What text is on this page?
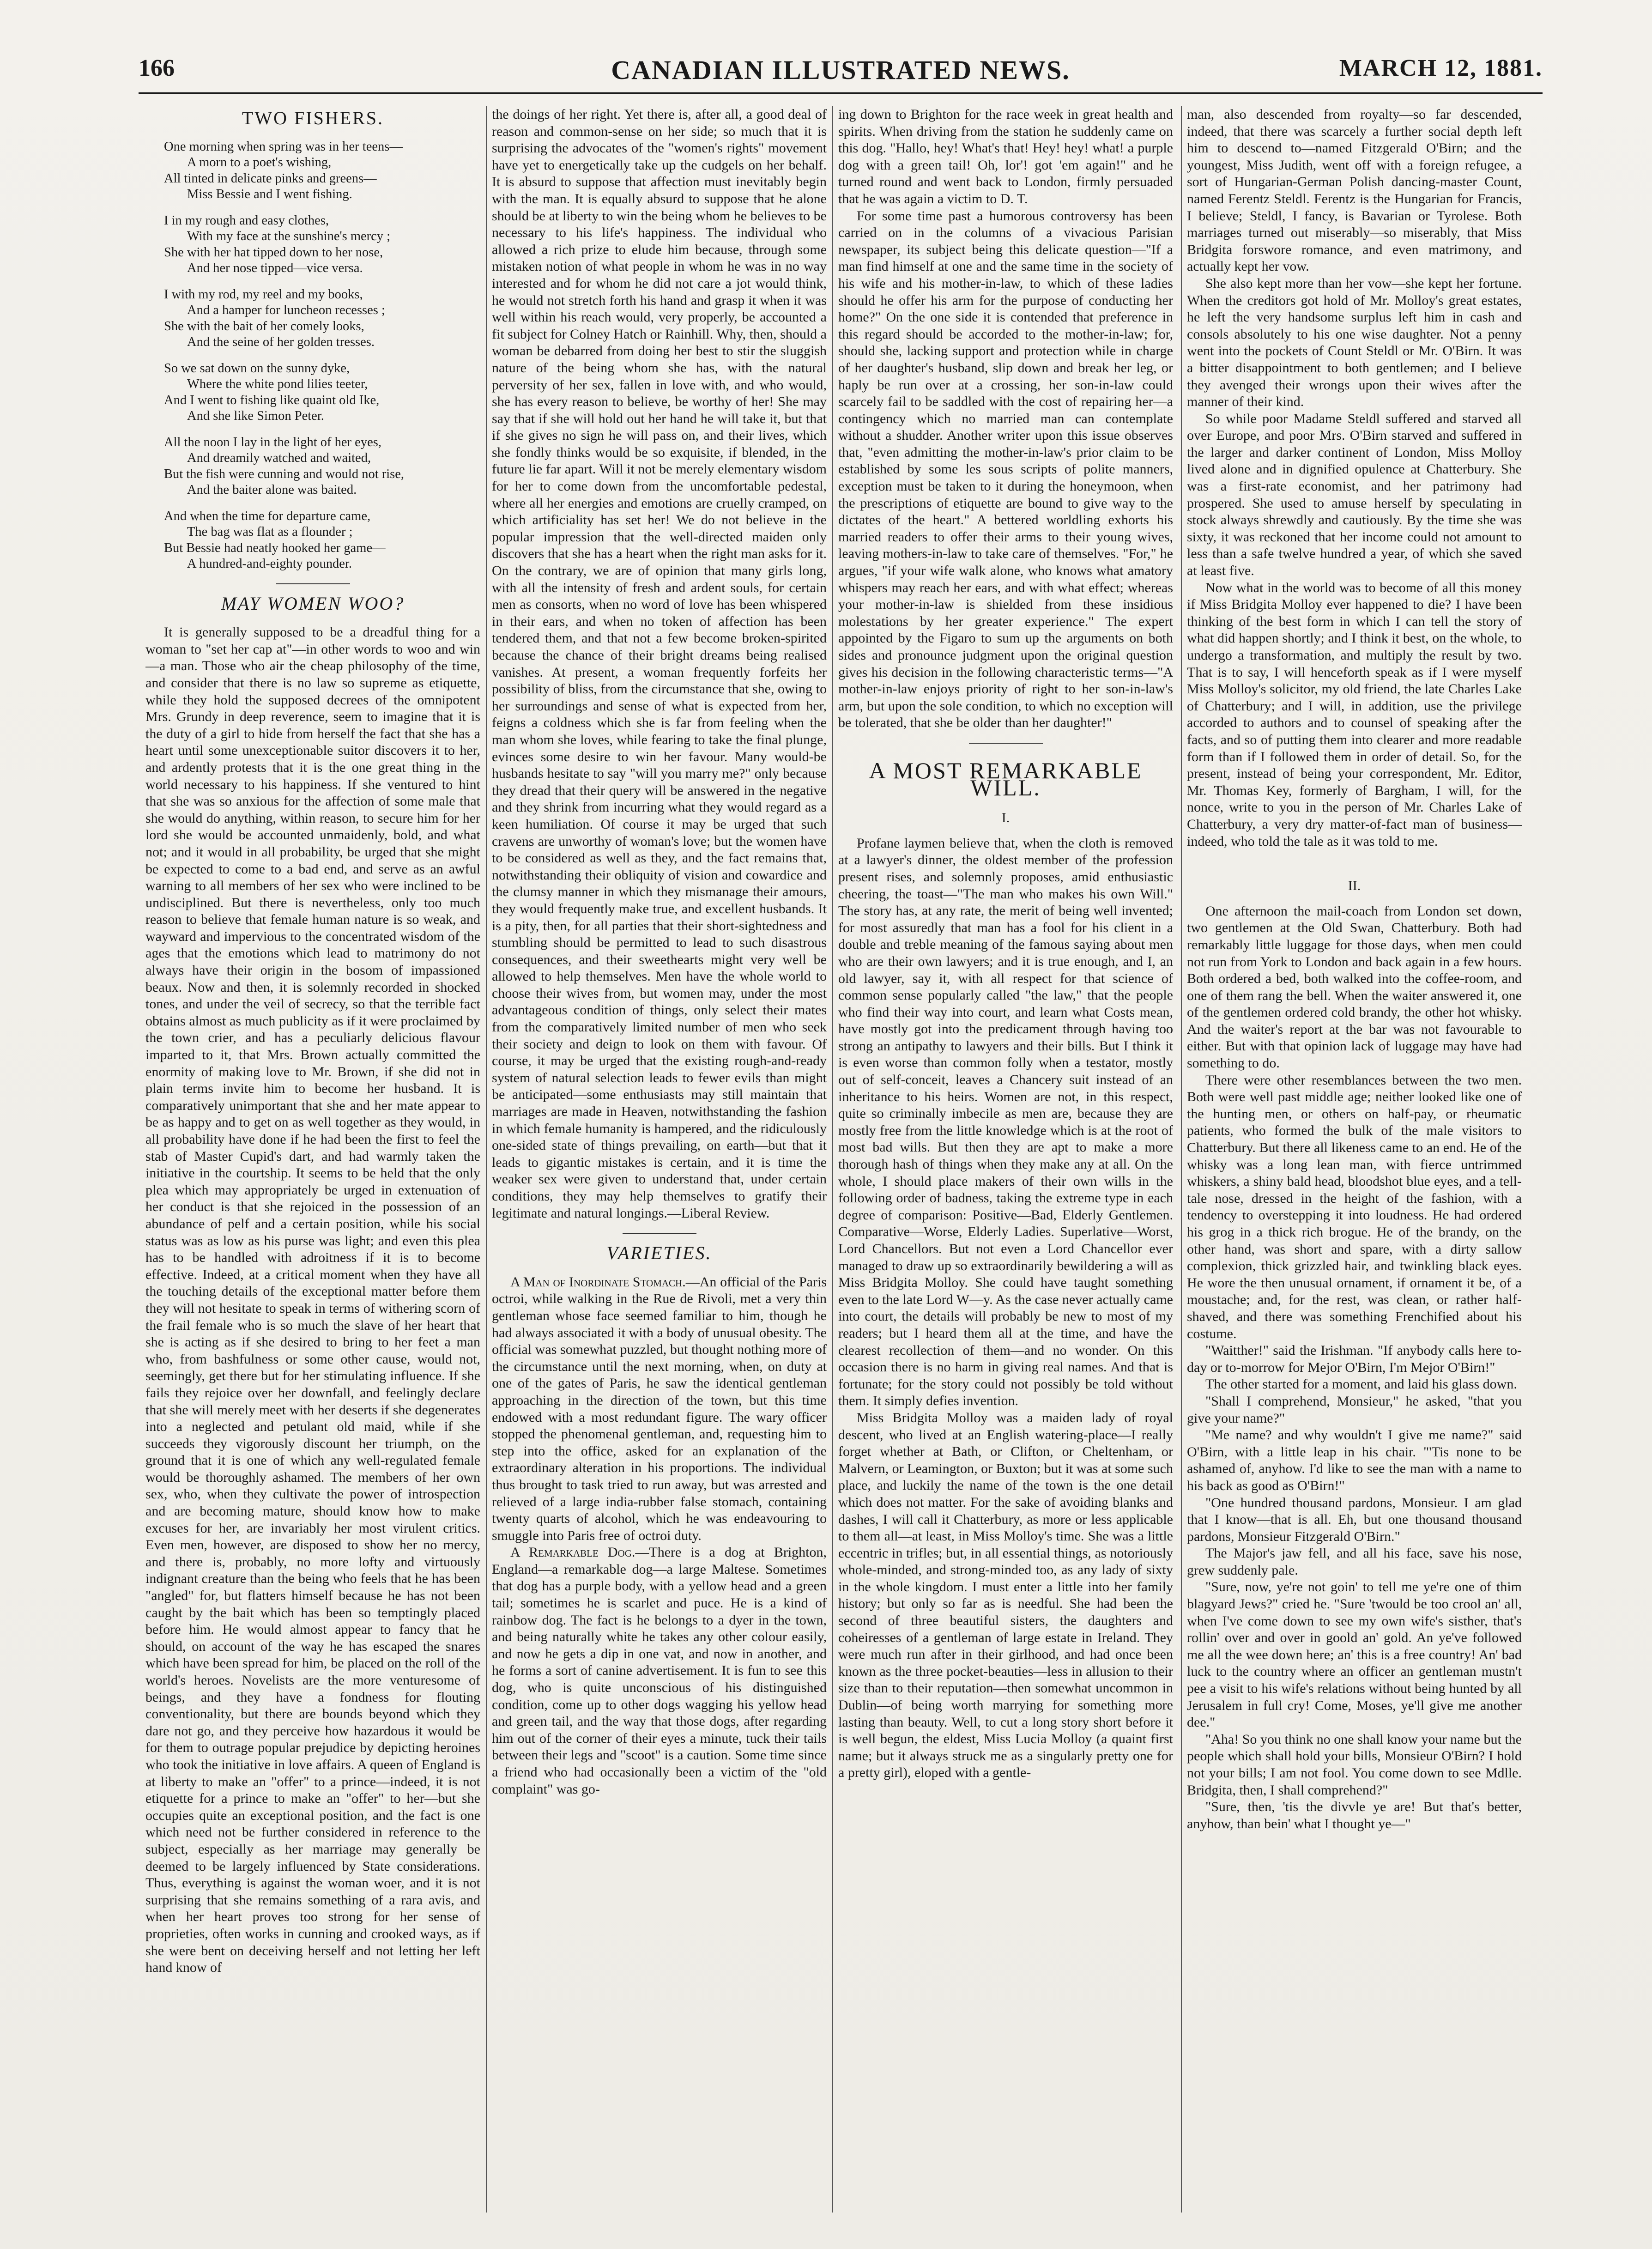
166	CANADIAN ILLUSTRATED NEWS.	MARCH 12, 1881.
TWO FISHERS.
One morning when spring was in her teens—
A morn to a poet's wishing,
All tinted in delicate pinks and greens—
Miss Bessie and I went fishing.
I in my rough and easy clothes,
With my face at the sunshine's mercy ;
She with her hat tipped down to her nose,
And her nose tipped—vice versa.
I with my rod, my reel and my books,
And a hamper for luncheon recesses ;
She with the bait of her comely looks,
And the seine of her golden tresses.
So we sat down on the sunny dyke,
Where the white pond lilies teeter,
And I went to fishing like quaint old Ike,
And she like Simon Peter.
All the noon I lay in the light of her eyes,
And dreamily watched and waited,
But the fish were cunning and would not rise,
And the baiter alone was baited.
And when the time for departure came,
The bag was flat as a flounder ;
But Bessie had neatly hooked her game—
A hundred-and-eighty pounder.
MAY WOMEN WOO?

It is generally supposed to be a dreadful thing for a woman to "set her cap at"—in other words to woo and win—a man. Those who air the cheap philosophy of the time, and consider that there is no law so supreme as etiquette, while they hold the supposed decrees of the omnipotent Mrs. Grundy in deep reverence, seem to imagine that it is the duty of a girl to hide from herself the fact that she has a heart until some unexceptionable suitor discovers it to her, and ardently protests that it is the one great thing in the world necessary to his happiness. If she ventured to hint that she was so anxious for the affection of some male that she would do anything, within reason, to secure him for her lord she would be accounted unmaidenly, bold, and what not; and it would in all probability, be urged that she might be expected to come to a bad end, and serve as an awful warning to all members of her sex who were inclined to be undisciplined. But there is nevertheless, only too much reason to believe that female human nature is so weak, and wayward and impervious to the concentrated wisdom of the ages that the emotions which lead to matrimony do not always have their origin in the bosom of impassioned beaux. Now and then, it is solemnly recorded in shocked tones, and under the veil of secrecy, so that the terrible fact obtains almost as much publicity as if it were proclaimed by the town crier, and has a peculiarly delicious flavour imparted to it, that Mrs. Brown actually committed the enormity of making love to Mr. Brown, if she did not in plain terms invite him to become her husband. It is comparatively unimportant that she and her mate appear to be as happy and to get on as well together as they would, in all probability have done if he had been the first to feel the stab of Master Cupid's dart, and had warmly taken the initiative in the courtship. It seems to be held that the only plea which may appropriately be urged in extenuation of her conduct is that she rejoiced in the possession of an abundance of pelf and a certain position, while his social status was as low as his purse was light; and even this plea has to be handled with adroitness if it is to become effective. Indeed, at a critical moment when they have all the touching details of the exceptional matter before them they will not hesitate to speak in terms of withering scorn of the frail female who is so much the slave of her heart that she is acting as if she desired to bring to her feet a man who, from bashfulness or some other cause, would not, seemingly, get there but for her stimulating influence. If she fails they rejoice over her downfall, and feelingly declare that she will merely meet with her deserts if she degenerates into a neglected and petulant old maid, while if she succeeds they vigorously discount her triumph, on the ground that it is one of which any well-regulated female would be thoroughly ashamed. The members of her own sex, who, when they cultivate the power of introspection and are becoming mature, should know how to make excuses for her, are invariably her most virulent critics. Even men, however, are disposed to show her no mercy, and there is, probably, no more lofty and virtuously indignant creature than the being who feels that he has been "angled" for, but flatters himself because he has not been caught by the bait which has been so temptingly placed before him. He would almost appear to fancy that he should, on account of the way he has escaped the snares which have been spread for him, be placed on the roll of the world's heroes. Novelists are the more venturesome of beings, and they have a fondness for flouting conventionality, but there are bounds beyond which they dare not go, and they perceive how hazardous it would be for them to outrage popular prejudice by depicting heroines who took the initiative in love affairs. A queen of England is at liberty to make an "offer" to a prince—indeed, it is not etiquette for a prince to make an "offer" to her—but she occupies quite an exceptional position, and the fact is one which need not be further considered in reference to the subject, especially as her marriage may generally be deemed to be largely influenced by State considerations. Thus, everything is against the woman woer, and it is not surprising that she remains something of a rara avis, and when her heart proves too strong for her sense of proprieties, often works in cunning and crooked ways, as if she were bent on deceiving herself and not letting her left hand know of

the doings of her right. Yet there is, after all, a good deal of reason and common-sense on her side; so much that it is surprising the advocates of the "women's rights" movement have yet to energetically take up the cudgels on her behalf. It is absurd to suppose that affection must inevitably begin with the man. It is equally absurd to suppose that he alone should be at liberty to win the being whom he believes to be necessary to his life's happiness. The individual who allowed a rich prize to elude him because, through some mistaken notion of what people in whom he was in no way interested and for whom he did not care a jot would think, he would not stretch forth his hand and grasp it when it was well within his reach would, very properly, be accounted a fit subject for Colney Hatch or Rainhill. Why, then, should a woman be debarred from doing her best to stir the sluggish nature of the being whom she has, with the natural perversity of her sex, fallen in love with, and who would, she has every reason to believe, be worthy of her! She may say that if she will hold out her hand he will take it, but that if she gives no sign he will pass on, and their lives, which she fondly thinks would be so exquisite, if blended, in the future lie far apart. Will it not be merely elementary wisdom for her to come down from the uncomfortable pedestal, where all her energies and emotions are cruelly cramped, on which artificiality has set her! We do not believe in the popular impression that the well-directed maiden only discovers that she has a heart when the right man asks for it. On the contrary, we are of opinion that many girls long, with all the intensity of fresh and ardent souls, for certain men as consorts, when no word of love has been whispered in their ears, and when no token of affection has been tendered them, and that not a few become broken-spirited because the chance of their bright dreams being realised vanishes. At present, a woman frequently forfeits her possibility of bliss, from the circumstance that she, owing to her surroundings and sense of what is expected from her, feigns a coldness which she is far from feeling when the man whom she loves, while fearing to take the final plunge, evinces some desire to win her favour. Many would-be husbands hesitate to say "will you marry me?" only because they dread that their query will be answered in the negative and they shrink from incurring what they would regard as a keen humiliation. Of course it may be urged that such cravens are unworthy of woman's love; but the women have to be considered as well as they, and the fact remains that, notwithstanding their obliquity of vision and cowardice and the clumsy manner in which they mismanage their amours, they would frequently make true, and excellent husbands. It is a pity, then, for all parties that their short-sightedness and stumbling should be permitted to lead to such disastrous consequences, and their sweethearts might very well be allowed to help themselves. Men have the whole world to choose their wives from, but women may, under the most advantageous condition of things, only select their mates from the comparatively limited number of men who seek their society and deign to look on them with favour. Of course, it may be urged that the existing rough-and-ready system of natural selection leads to fewer evils than might be anticipated—some enthusiasts may still maintain that marriages are made in Heaven, notwithstanding the fashion in which female humanity is hampered, and the ridiculously one-sided state of things prevailing, on earth—but that it leads to gigantic mistakes is certain, and it is time the weaker sex were given to understand that, under certain conditions, they may help themselves to gratify their legitimate and natural longings.—Liberal Review.

VARIETIES.

A Man of Inordinate Stomach.—An official of the Paris octroi, while walking in the Rue de Rivoli, met a very thin gentleman whose face seemed familiar to him, though he had always associated it with a body of unusual obesity. The official was somewhat puzzled, but thought nothing more of the circumstance until the next morning, when, on duty at one of the gates of Paris, he saw the identical gentleman approaching in the direction of the town, but this time endowed with a most redundant figure. The wary officer stopped the phenomenal gentleman, and, requesting him to step into the office, asked for an explanation of the extraordinary alteration in his proportions. The individual thus brought to task tried to run away, but was arrested and relieved of a large india-rubber false stomach, containing twenty quarts of alcohol, which he was endeavouring to smuggle into Paris free of octroi duty.

A Remarkable Dog.—There is a dog at Brighton, England—a remarkable dog—a large Maltese. Sometimes that dog has a purple body, with a yellow head and a green tail; sometimes he is scarlet and puce. He is a kind of rainbow dog. The fact is he belongs to a dyer in the town, and being naturally white he takes any other colour easily, and now he gets a dip in one vat, and now in another, and he forms a sort of canine advertisement. It is fun to see this dog, who is quite unconscious of his distinguished condition, come up to other dogs wagging his yellow head and green tail, and the way that those dogs, after regarding him out of the corner of their eyes a minute, tuck their tails between their legs and "scoot" is a caution. Some time since a friend who had occasionally been a victim of the "old complaint" was go-

ing down to Brighton for the race week in great health and spirits. When driving from the station he suddenly came on this dog. "Hallo, hey! What's that! Hey! hey! what! a purple dog with a green tail! Oh, lor'! got 'em again!" and he turned round and went back to London, firmly persuaded that he was again a victim to D. T.

For some time past a humorous controversy has been carried on in the columns of a vivacious Parisian newspaper, its subject being this delicate question—"If a man find himself at one and the same time in the society of his wife and his mother-in-law, to which of these ladies should he offer his arm for the purpose of conducting her home?" On the one side it is contended that preference in this regard should be accorded to the mother-in-law; for, should she, lacking support and protection while in charge of her daughter's husband, slip down and break her leg, or haply be run over at a crossing, her son-in-law could scarcely fail to be saddled with the cost of repairing her—a contingency which no married man can contemplate without a shudder. Another writer upon this issue observes that, "even admitting the mother-in-law's prior claim to be established by some les sous scripts of polite manners, exception must be taken to it during the honeymoon, when the prescriptions of etiquette are bound to give way to the dictates of the heart." A bettered worldling exhorts his married readers to offer their arms to their young wives, leaving mothers-in-law to take care of themselves. "For," he argues, "if your wife walk alone, who knows what amatory whispers may reach her ears, and with what effect; whereas your mother-in-law is shielded from these insidious molestations by her greater experience." The expert appointed by the Figaro to sum up the arguments on both sides and pronounce judgment upon the original question gives his decision in the following characteristic terms—"A mother-in-law enjoys priority of right to her son-in-law's arm, but upon the sole condition, to which no exception will be tolerated, that she be older than her daughter!"

A MOST REMARKABLE WILL.
I.

Profane laymen believe that, when the cloth is removed at a lawyer's dinner, the oldest member of the profession present rises, and solemnly proposes, amid enthusiastic cheering, the toast—"The man who makes his own Will." The story has, at any rate, the merit of being well invented; for most assuredly that man has a fool for his client in a double and treble meaning of the famous saying about men who are their own lawyers; and it is true enough, and I, an old lawyer, say it, with all respect for that science of common sense popularly called "the law," that the people who find their way into court, and learn what Costs mean, have mostly got into the predicament through having too strong an antipathy to lawyers and their bills. But I think it is even worse than common folly when a testator, mostly out of self-conceit, leaves a Chancery suit instead of an inheritance to his heirs. Women are not, in this respect, quite so criminally imbecile as men are, because they are mostly free from the little knowledge which is at the root of most bad wills. But then they are apt to make a more thorough hash of things when they make any at all. On the whole, I should place makers of their own wills in the following order of badness, taking the extreme type in each degree of comparison: Positive—Bad, Elderly Gentlemen. Comparative—Worse, Elderly Ladies. Superlative—Worst, Lord Chancellors. But not even a Lord Chancellor ever managed to draw up so extraordinarily bewildering a will as Miss Bridgita Molloy. She could have taught something even to the late Lord W—y. As the case never actually came into court, the details will probably be new to most of my readers; but I heard them all at the time, and have the clearest recollection of them—and no wonder. On this occasion there is no harm in giving real names. And that is fortunate; for the story could not possibly be told without them. It simply defies invention.

Miss Bridgita Molloy was a maiden lady of royal descent, who lived at an English watering-place—I really forget whether at Bath, or Clifton, or Cheltenham, or Malvern, or Leamington, or Buxton; but it was at some such place, and luckily the name of the town is the one detail which does not matter. For the sake of avoiding blanks and dashes, I will call it Chatterbury, as more or less applicable to them all—at least, in Miss Molloy's time. She was a little eccentric in trifles; but, in all essential things, as notoriously whole-minded, and strong-minded too, as any lady of sixty in the whole kingdom. I must enter a little into her family history; but only so far as is needful. She had been the second of three beautiful sisters, the daughters and coheiresses of a gentleman of large estate in Ireland. They were much run after in their girlhood, and had once been known as the three pocket-beauties—less in allusion to their size than to their reputation—then somewhat uncommon in Dublin—of being worth marrying for something more lasting than beauty. Well, to cut a long story short before it is well begun, the eldest, Miss Lucia Molloy (a quaint first name; but it always struck me as a singularly pretty one for a pretty girl), eloped with a gentle-

man, also descended from royalty—so far descended, indeed, that there was scarcely a further social depth left him to descend to—named Fitzgerald O'Birn; and the youngest, Miss Judith, went off with a foreign refugee, a sort of Hungarian-German Polish dancing-master Count, named Ferentz Steldl. Ferentz is the Hungarian for Francis, I believe; Steldl, I fancy, is Bavarian or Tyrolese. Both marriages turned out miserably—so miserably, that Miss Bridgita forswore romance, and even matrimony, and actually kept her vow.

She also kept more than her vow—she kept her fortune. When the creditors got hold of Mr. Molloy's great estates, he left the very handsome surplus left him in cash and consols absolutely to his one wise daughter. Not a penny went into the pockets of Count Steldl or Mr. O'Birn. It was a bitter disappointment to both gentlemen; and I believe they avenged their wrongs upon their wives after the manner of their kind.

So while poor Madame Steldl suffered and starved all over Europe, and poor Mrs. O'Birn starved and suffered in the larger and darker continent of London, Miss Molloy lived alone and in dignified opulence at Chatterbury. She was a first-rate economist, and her patrimony had prospered. She used to amuse herself by speculating in stock always shrewdly and cautiously. By the time she was sixty, it was reckoned that her income could not amount to less than a safe twelve hundred a year, of which she saved at least five.

Now what in the world was to become of all this money if Miss Bridgita Molloy ever happened to die? I have been thinking of the best form in which I can tell the story of what did happen shortly; and I think it best, on the whole, to undergo a transformation, and multiply the result by two. That is to say, I will henceforth speak as if I were myself Miss Molloy's solicitor, my old friend, the late Charles Lake of Chatterbury; and I will, in addition, use the privilege accorded to authors and to counsel of speaking after the facts, and so of putting them into clearer and more readable form than if I followed them in order of detail. So, for the present, instead of being your correspondent, Mr. Editor, Mr. Thomas Key, formerly of Bargham, I will, for the nonce, write to you in the person of Mr. Charles Lake of Chatterbury, a very dry matter-of-fact man of business—indeed, who told the tale as it was told to me.

II.

One afternoon the mail-coach from London set down, two gentlemen at the Old Swan, Chatterbury. Both had remarkably little luggage for those days, when men could not run from York to London and back again in a few hours. Both ordered a bed, both walked into the coffee-room, and one of them rang the bell. When the waiter answered it, one of the gentlemen ordered cold brandy, the other hot whisky. And the waiter's report at the bar was not favourable to either. But with that opinion lack of luggage may have had something to do.

There were other resemblances between the two men. Both were well past middle age; neither looked like one of the hunting men, or others on half-pay, or rheumatic patients, who formed the bulk of the male visitors to Chatterbury. But there all likeness came to an end. He of the whisky was a long lean man, with fierce untrimmed whiskers, a shiny bald head, bloodshot blue eyes, and a tell-tale nose, dressed in the height of the fashion, with a tendency to overstepping it into loudness. He had ordered his grog in a thick rich brogue. He of the brandy, on the other hand, was short and spare, with a dirty sallow complexion, thick grizzled hair, and twinkling black eyes. He wore the then unusual ornament, if ornament it be, of a moustache; and, for the rest, was clean, or rather half-shaved, and there was something Frenchified about his costume.

"Waitther!" said the Irishman. "If anybody calls here to-day or to-morrow for Mejor O'Birn, I'm Mejor O'Birn!"

The other started for a moment, and laid his glass down.

"Shall I comprehend, Monsieur," he asked, "that you give your name?"

"Me name? and why wouldn't I give me name?" said O'Birn, with a little leap in his chair. "'Tis none to be ashamed of, anyhow. I'd like to see the man with a name to his back as good as O'Birn!"

"One hundred thousand pardons, Monsieur. I am glad that I know—that is all. Eh, but one thousand thousand pardons, Monsieur Fitzgerald O'Birn."

The Major's jaw fell, and all his face, save his nose, grew suddenly pale.

"Sure, now, ye're not goin' to tell me ye're one of thim blagyard Jews?" cried he. "Sure 'twould be too crool an' all, when I've come down to see my own wife's sisther, that's rollin' over and over in goold an' gold. An ye've followed me all the wee down here; an' this is a free country! An' bad luck to the country where an officer an gentleman mustn't pee a visit to his wife's relations without being hunted by all Jerusalem in full cry! Come, Moses, ye'll give me another dee."

"Aha! So you think no one shall know your name but the people which shall hold your bills, Monsieur O'Birn? I hold not your bills; I am not fool. You come down to see Mdlle. Bridgita, then, I shall comprehend?"

"Sure, then, 'tis the divvle ye are! But that's better, anyhow, than bein' what I thought ye—"
